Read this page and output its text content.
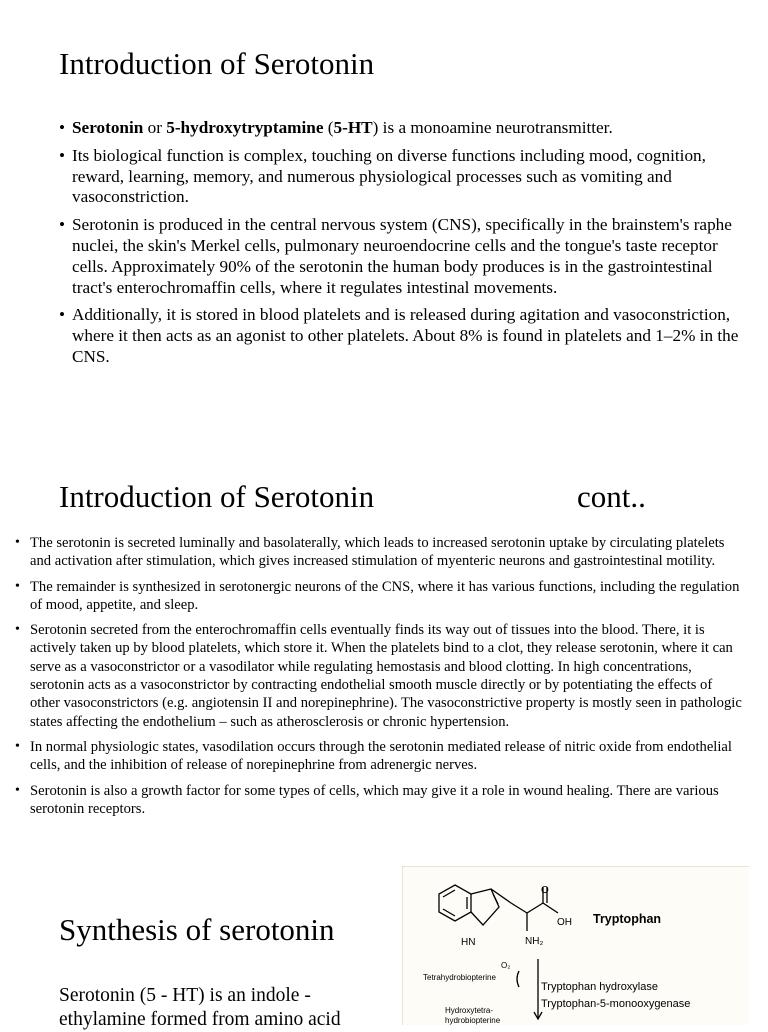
Introduction of Serotonin
• Serotonin or 5-hydroxytryptamine (5-HT) is a monoamine neurotransmitter.
• Its biological function is complex, touching on diverse functions including mood, cognition, reward, learning, memory, and numerous physiological processes such as vomiting and vasoconstriction.
• Serotonin is produced in the central nervous system (CNS), specifically in the brainstem's raphe nuclei, the skin's Merkel cells, pulmonary neuroendocrine cells and the tongue's taste receptor cells. Approximately 90% of the serotonin the human body produces is in the gastrointestinal tract's enterochromaffin cells, where it regulates intestinal movements.
• Additionally, it is stored in blood platelets and is released during agitation and vasoconstriction, where it then acts as an agonist to other platelets. About 8% is found in platelets and 1–2% in the CNS.
Introduction of Serotonin	cont..
• The serotonin is secreted luminally and basolaterally, which leads to increased serotonin uptake by circulating platelets and activation after stimulation, which gives increased stimulation of myenteric neurons and gastrointestinal motility.
• The remainder is synthesized in serotonergic neurons of the CNS, where it has various functions, including the regulation of mood, appetite, and sleep.
• Serotonin secreted from the enterochromaffin cells eventually finds its way out of tissues into the blood. There, it is actively taken up by blood platelets, which store it. When the platelets bind to a clot, they release serotonin, where it can serve as a vasoconstrictor or a vasodilator while regulating hemostasis and blood clotting. In high concentrations, serotonin acts as a vasoconstrictor by contracting endothelial smooth muscle directly or by potentiating the effects of other vasoconstrictors (e.g. angiotensin II and norepinephrine). The vasoconstrictive property is mostly seen in pathologic states affecting the endothelium – such as atherosclerosis or chronic hypertension.
• In normal physiologic states, vasodilation occurs through the serotonin mediated release of nitric oxide from endothelial cells, and the inhibition of release of norepinephrine from adrenergic nerves.
• Serotonin is also a growth factor for some types of cells, which may give it a role in wound healing. There are various serotonin receptors.
Synthesis of serotonin

Serotonin (5 - HT) is an indole - ethylamine formed from amino acid

O
OH
HN	NH₂
Tryptophan
O₂
Tetrahydrobiopterine
Hydroxytetra-
hydrobiopterine
Tryptophan hydroxylase
Tryptophan-5-monooxygenase
